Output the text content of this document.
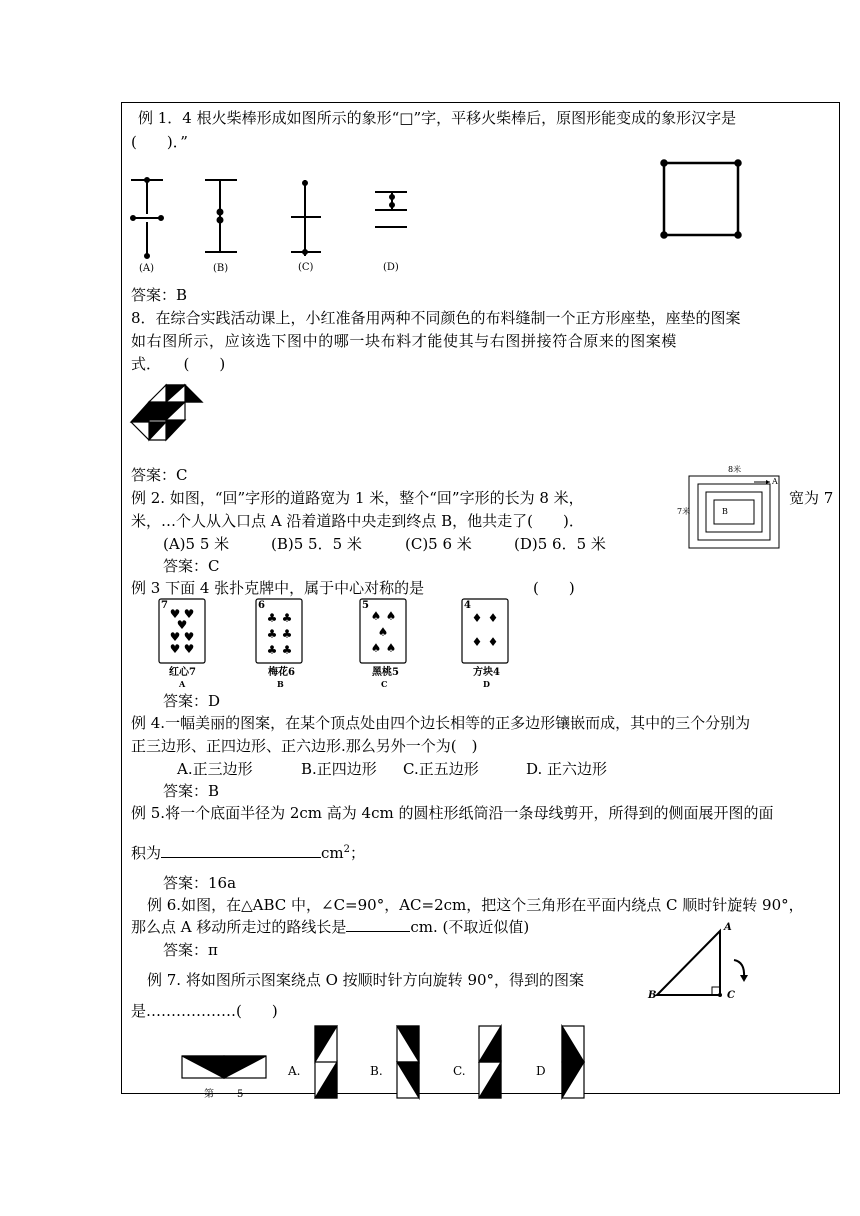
例 1．4 根火柴棒形成如图所示的象形“□”字，平移火柴棒后，原图形能变成的象形汉字是
(　　)．”
(A)	(B)	(C)	(D)
答案：B
8．在综合实践活动课上，小红准备用两种不同颜色的布料缝制一个正方形座垫，座垫的图案
如右图所示，应该选下图中的哪一块布料才能使其与右图拼接符合原来的图案模
式．　　(　　)
答案：C
例 2. 如图，“回”字形的道路宽为 1 米，整个“回”字形的长为 8 米，	宽为 7
米，…个人从入口点 A 沿着道路中央走到终点 B，他共走了(　　)．
(A)5 5 米	(B)5 5．5 米	(C)5 6 米	(D)5 6．5 米
答案：C
8米
7米
A
B
例 3 下面 4 张扑克牌中，属于中心对称的是	(　　)
♥ ♥
♥
♥ ♥
♥ ♥
♣ ♣
♣ ♣
♣ ♣
♠ ♠
♠
♠ ♠
♦ ♦
♦ ♦
7	6	5	4
红心7	梅花6	黑桃5	方块4
A	B	C	D
答案：D
例 4.一幅美丽的图案，在某个顶点处由四个边长相等的正多边形镶嵌而成，其中的三个分别为
正三边形、正四边形、正六边形.那么另外一个为(　)
A.正三边形	B.正四边形 C.正五边形	D. 正六边形
答案：B
例 5.将一个底面半径为 2cm 高为 4cm 的圆柱形纸筒沿一条母线剪开，所得到的侧面展开图的面
积为	$cm^2$；
答案：16a
例 6.如图，在△ABC 中，∠C=90°，AC=2cm，把这个三角形在平面内绕点 C 顺时针旋转 90°，
那么点 A 移动所走过的路线长是	cm. (不取近似值)
答案：π
A
B	C
例 7. 将如图所示图案绕点 O 按顺时针方向旋转 90°，得到的图案
是………………(　　)
A.	B.	C.	D
第 5
